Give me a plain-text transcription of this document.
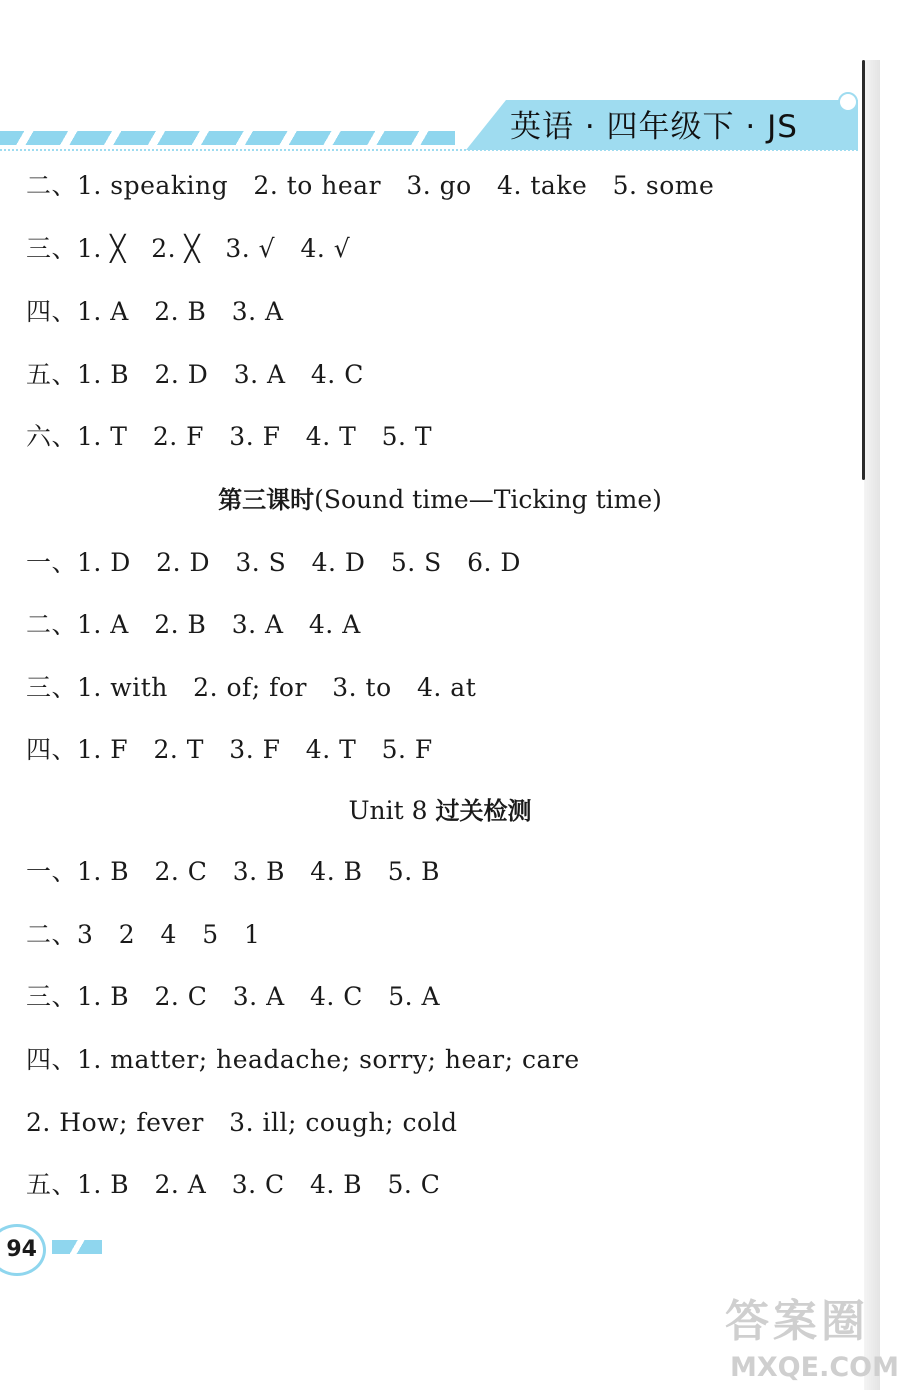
英语 · 四年级下 · JS
二、1. speaking   2. to hear   3. go   4. take   5. some
三、1. ╳   2. ╳   3. √   4. √
四、1. A   2. B   3. A
五、1. B   2. D   3. A   4. C
六、1. T   2. F   3. F   4. T   5. T
第三课时(Sound time—Ticking time)
一、1. D   2. D   3. S   4. D   5. S   6. D
二、1. A   2. B   3. A   4. A
三、1. with   2. of; for   3. to   4. at
四、1. F   2. T   3. F   4. T   5. F
Unit 8 过关检测
一、1. B   2. C   3. B   4. B   5. B
二、3   2   4   5   1
三、1. B   2. C   3. A   4. C   5. A
四、1. matter; headache; sorry; hear; care
2. How; fever   3. ill; cough; cold
五、1. B   2. A   3. C   4. B   5. C
94
答案圈
MXQE.COM
